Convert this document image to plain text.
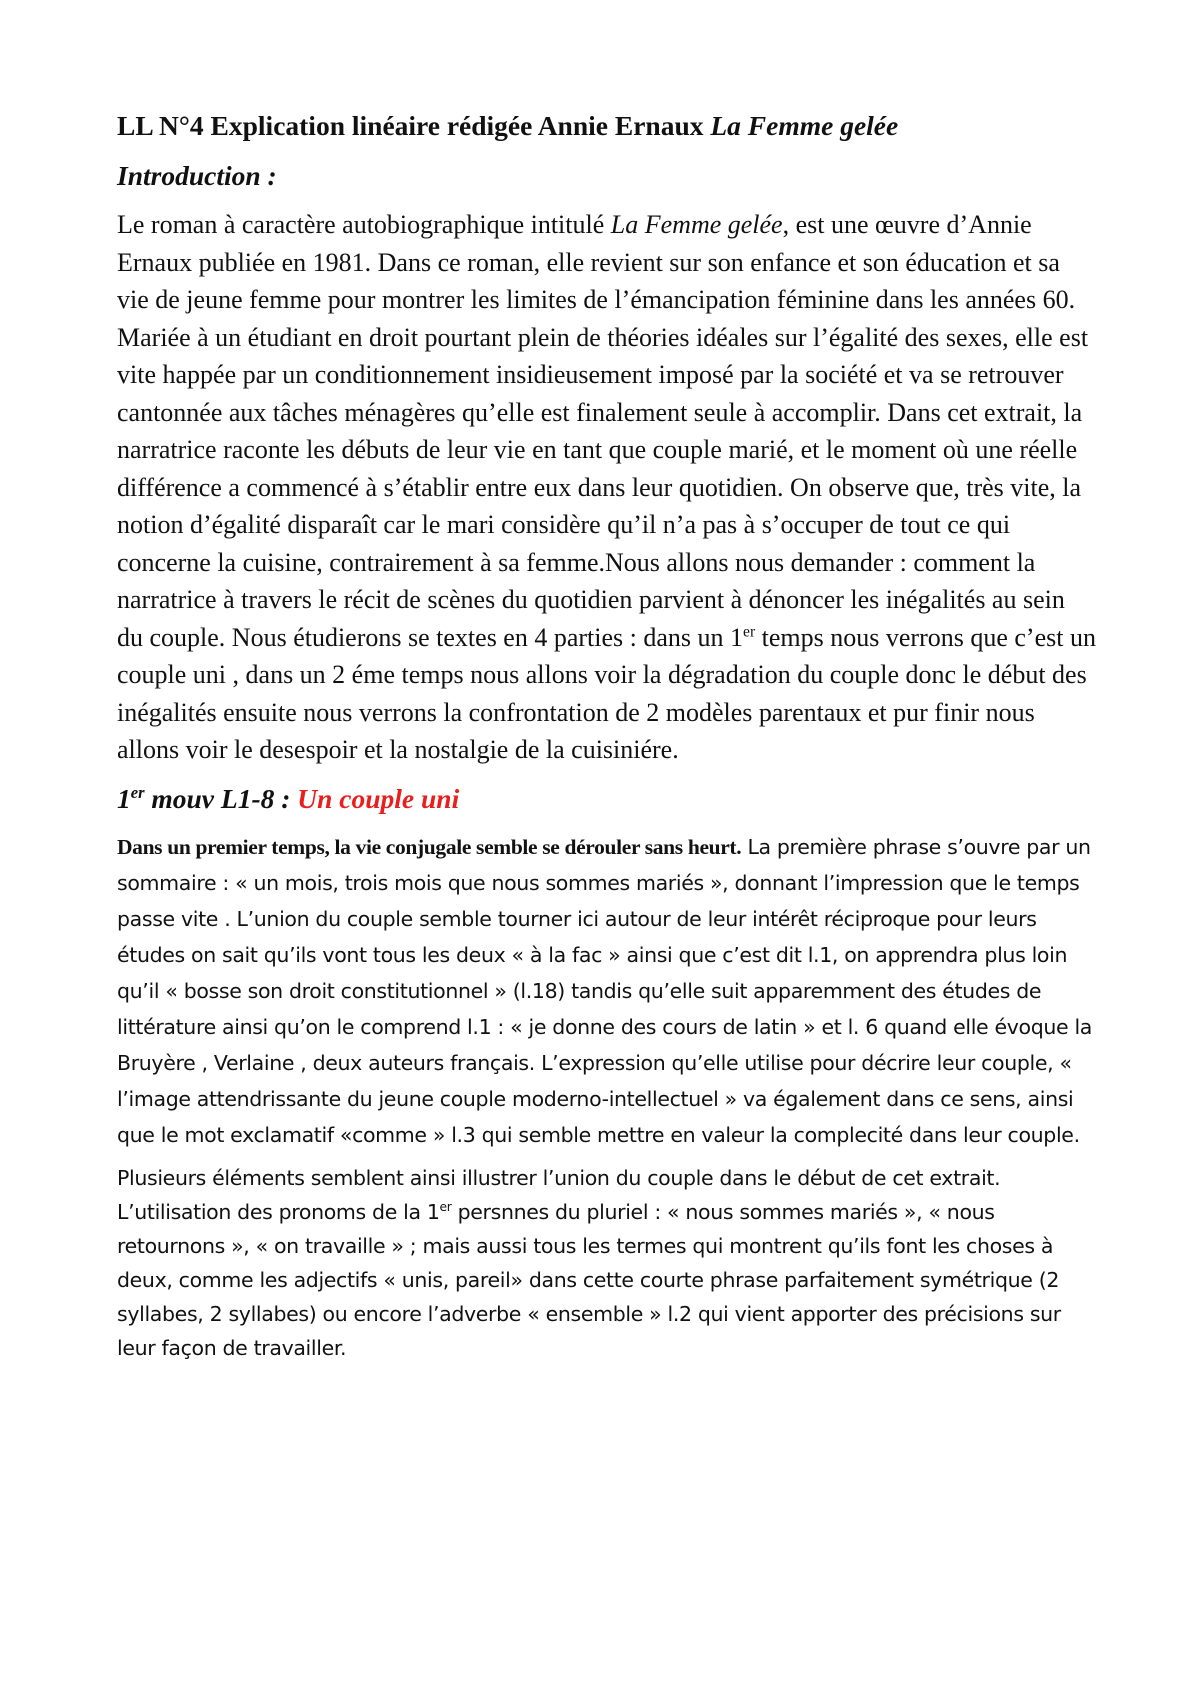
LL N°4 Explication linéaire rédigée Annie Ernaux La Femme gelée
Introduction :

Le roman à caractère autobiographique intitulé La Femme gelée, est une œuvre d’Annie Ernaux publiée en 1981. Dans ce roman, elle revient sur son enfance et son éducation et sa vie de jeune femme pour montrer les limites de l’émancipation féminine dans les années 60. Mariée à un étudiant en droit pourtant plein de théories idéales sur l’égalité des sexes, elle est vite happée par un conditionnement insidieusement imposé par la société et va se retrouver cantonnée aux tâches ménagères qu’elle est finalement seule à accomplir. Dans cet extrait, la narratrice raconte les débuts de leur vie en tant que couple marié, et le moment où une réelle différence a commencé à s’établir entre eux dans leur quotidien. On observe que, très vite, la notion d’égalité disparaît car le mari considère qu’il n’a pas à s’occuper de tout ce qui concerne la cuisine, contrairement à sa femme.Nous allons nous demander : comment la narratrice à travers le récit de scènes du quotidien parvient à dénoncer les inégalités au sein du couple. Nous étudierons se textes en 4 parties : dans un 1er temps nous verrons que c’est un couple uni , dans un 2 éme temps nous allons voir la dégradation du couple donc le début des inégalités ensuite nous verrons la confrontation de 2 modèles parentaux et pur finir nous allons voir le desespoir et la nostalgie de la cuisiniére.

1er mouv L1-8 : Un couple uni

Dans un premier temps, la vie conjugale semble se dérouler sans heurt. La première phrase s’ouvre par un sommaire : « un mois, trois mois que nous sommes mariés », donnant l’impression que le temps passe vite . L’union du couple semble tourner ici autour de leur intérêt réciproque pour leurs études on sait qu’ils vont tous les deux « à la fac » ainsi que c’est dit l.1, on apprendra plus loin qu’il « bosse son droit constitutionnel » (l.18) tandis qu’elle suit apparemment des études de littérature ainsi qu’on le comprend l.1 : « je donne des cours de latin » et l. 6 quand elle évoque la Bruyère , Verlaine , deux auteurs français. L’expression qu’elle utilise pour décrire leur couple, « l’image attendrissante du jeune couple moderno-intellectuel » va également dans ce sens, ainsi que le mot exclamatif «comme » l.3 qui semble mettre en valeur la complecité dans leur couple.

Plusieurs éléments semblent ainsi illustrer l’union du couple dans le début de cet extrait. L’utilisation des pronoms de la 1er persnnes du pluriel : « nous sommes mariés », « nous retournons », « on travaille » ; mais aussi tous les termes qui montrent qu’ils font les choses à deux, comme les adjectifs « unis, pareil» dans cette courte phrase parfaitement symétrique (2 syllabes, 2 syllabes) ou encore l’adverbe « ensemble » l.2 qui vient apporter des précisions sur leur façon de travailler.
